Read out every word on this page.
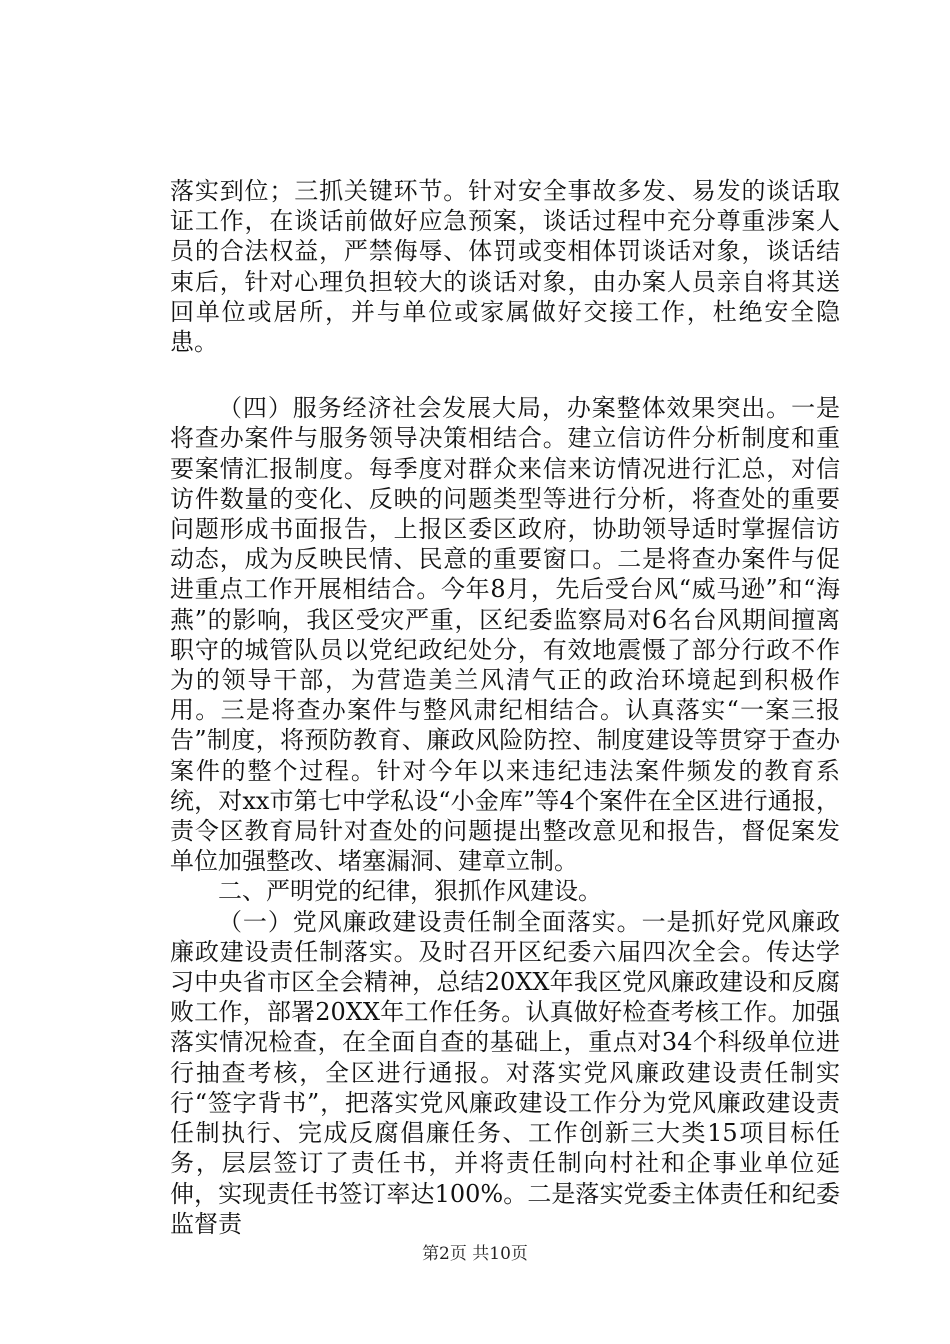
落实到位；三抓关键环节。针对安全事故多发、易发的谈话取证工作，在谈话前做好应急预案，谈话过程中充分尊重涉案人员的合法权益，严禁侮辱、体罚或变相体罚谈话对象，谈话结束后，针对心理负担较大的谈话对象，由办案人员亲自将其送回单位或居所，并与单位或家属做好交接工作，杜绝安全隐患。

（四）服务经济社会发展大局，办案整体效果突出。一是将查办案件与服务领导决策相结合。建立信访件分析制度和重要案情汇报制度。每季度对群众来信来访情况进行汇总，对信访件数量的变化、反映的问题类型等进行分析，将查处的重要问题形成书面报告，上报区委区政府，协助领导适时掌握信访动态，成为反映民情、民意的重要窗口。二是将查办案件与促进重点工作开展相结合。今年8月，先后受台风“威马逊”和“海燕”的影响，我区受灾严重，区纪委监察局对6名台风期间擅离职守的城管队员以党纪政纪处分，有效地震慑了部分行政不作为的领导干部，为营造美兰风清气正的政治环境起到积极作用。三是将查办案件与整风肃纪相结合。认真落实“一案三报告”制度，将预防教育、廉政风险防控、制度建设等贯穿于查办案件的整个过程。针对今年以来违纪违法案件频发的教育系统，对xx市第七中学私设“小金库”等4个案件在全区进行通报，责令区教育局针对查处的问题提出整改意见和报告，督促案发单位加强整改、堵塞漏洞、建章立制。

二、严明党的纪律，狠抓作风建设。

（一）党风廉政建设责任制全面落实。一是抓好党风廉政廉政建设责任制落实。及时召开区纪委六届四次全会。传达学习中央省市区全会精神，总结20XX年我区党风廉政建设和反腐败工作，部署20XX年工作任务。认真做好检查考核工作。加强落实情况检查，在全面自查的基础上，重点对34个科级单位进行抽查考核，全区进行通报。对落实党风廉政建设责任制实行“签字背书”，把落实党风廉政建设工作分为党风廉政建设责任制执行、完成反腐倡廉任务、工作创新三大类15项目标任务，层层签订了责任书，并将责任制向村社和企事业单位延伸，实现责任书签订率达100%。二是落实党委主体责任和纪委监督责

第2页 共10页
